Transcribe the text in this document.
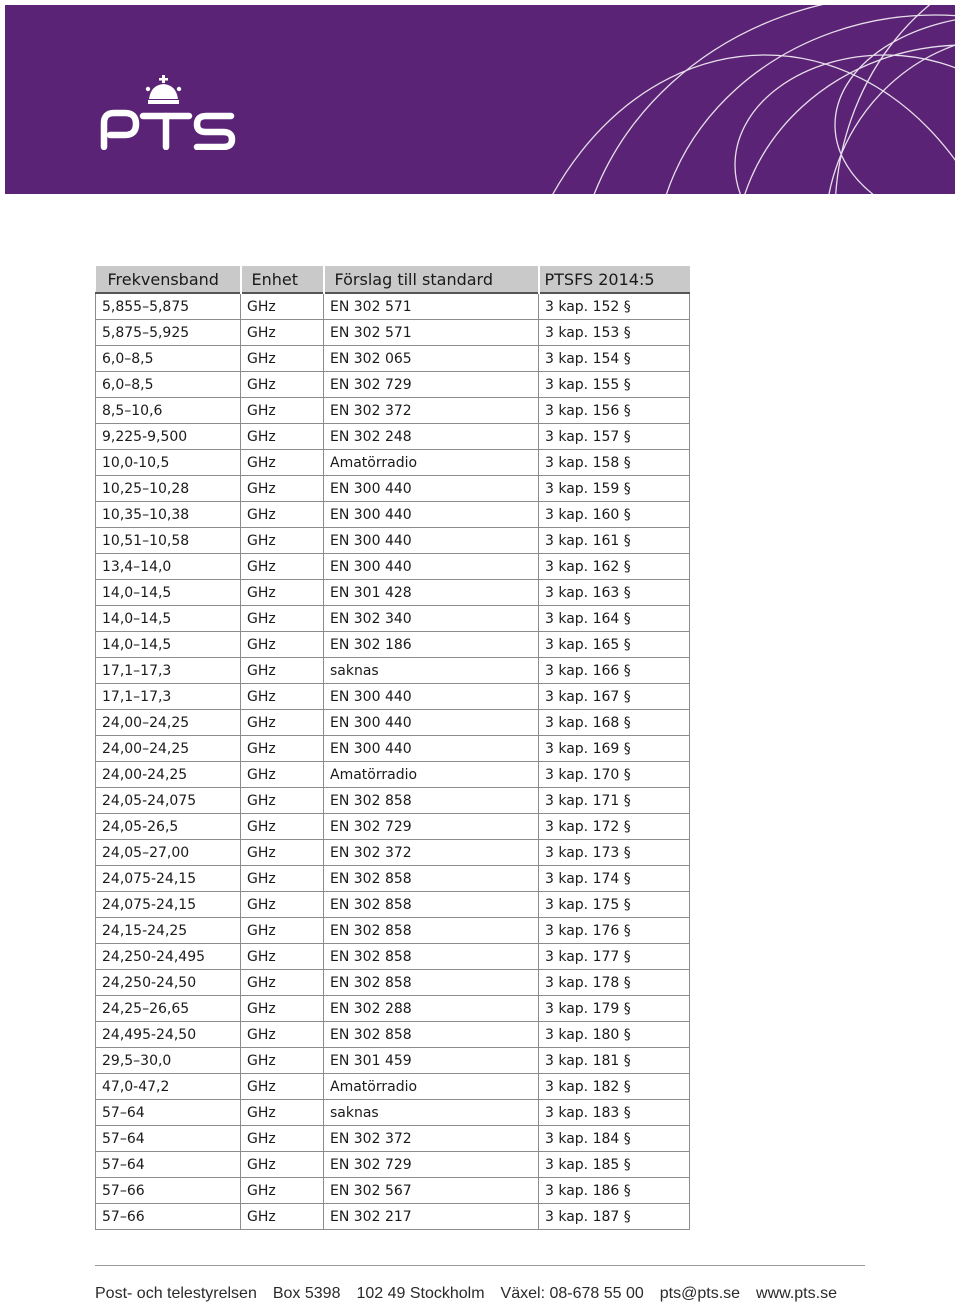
Frekvensband	Enhet	Förslag till standard	PTSFS 2014:5
5,855–5,875	GHz	EN 302 571	3 kap. 152 §
5,875–5,925	GHz	EN 302 571	3 kap. 153 §
6,0–8,5	GHz	EN 302 065	3 kap. 154 §
6,0–8,5	GHz	EN 302 729	3 kap. 155 §
8,5–10,6	GHz	EN 302 372	3 kap. 156 §
9,225-9,500	GHz	EN 302 248	3 kap. 157 §
10,0-10,5	GHz	Amatörradio	3 kap. 158 §
10,25–10,28	GHz	EN 300 440	3 kap. 159 §
10,35–10,38	GHz	EN 300 440	3 kap. 160 §
10,51–10,58	GHz	EN 300 440	3 kap. 161 §
13,4–14,0	GHz	EN 300 440	3 kap. 162 §
14,0–14,5	GHz	EN 301 428	3 kap. 163 §
14,0–14,5	GHz	EN 302 340	3 kap. 164 §
14,0–14,5	GHz	EN 302 186	3 kap. 165 §
17,1–17,3	GHz	saknas	3 kap. 166 §
17,1–17,3	GHz	EN 300 440	3 kap. 167 §
24,00–24,25	GHz	EN 300 440	3 kap. 168 §
24,00–24,25	GHz	EN 300 440	3 kap. 169 §
24,00-24,25	GHz	Amatörradio	3 kap. 170 §
24,05-24,075	GHz	EN 302 858	3 kap. 171 §
24,05-26,5	GHz	EN 302 729	3 kap. 172 §
24,05–27,00	GHz	EN 302 372	3 kap. 173 §
24,075-24,15	GHz	EN 302 858	3 kap. 174 §
24,075-24,15	GHz	EN 302 858	3 kap. 175 §
24,15-24,25	GHz	EN 302 858	3 kap. 176 §
24,250-24,495	GHz	EN 302 858	3 kap. 177 §
24,250-24,50	GHz	EN 302 858	3 kap. 178 §
24,25–26,65	GHz	EN 302 288	3 kap. 179 §
24,495-24,50	GHz	EN 302 858	3 kap. 180 §
29,5–30,0	GHz	EN 301 459	3 kap. 181 §
47,0-47,2	GHz	Amatörradio	3 kap. 182 §
57–64	GHz	saknas	3 kap. 183 §
57–64	GHz	EN 302 372	3 kap. 184 §
57–64	GHz	EN 302 729	3 kap. 185 §
57–66	GHz	EN 302 567	3 kap. 186 §
57–66	GHz	EN 302 217	3 kap. 187 §
Post- och telestyrelsen Box 5398 102 49 Stockholm Växel: 08-678 55 00 pts@pts.se www.pts.se
